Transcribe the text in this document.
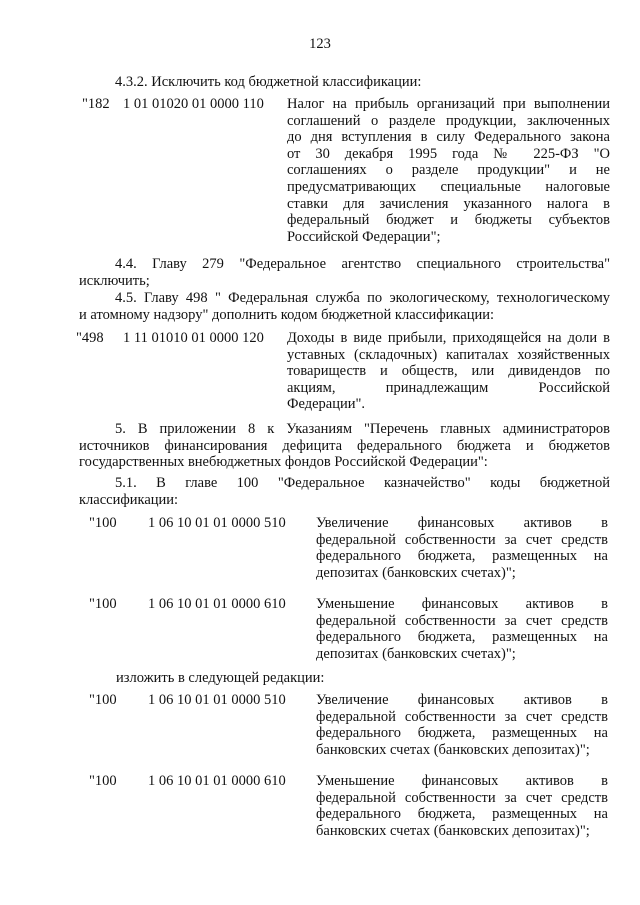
123
4.3.2. Исключить код бюджетной классификации:
"182 1 01 01020 01 0000 110 Налог на прибыль организаций при выполнении
соглашений о разделе продукции, заключенных
до дня вступления в силу Федерального закона
от 30 декабря 1995 года № 225-ФЗ "О
соглашениях о разделе продукции" и не
предусматривающих специальные налоговые
ставки для зачисления указанного налога в
федеральный бюджет и бюджеты субъектов
Российской Федерации";
4.4. Главу 279 "Федеральное агентство специального строительства"
исключить;
4.5. Главу 498 " Федеральная служба по экологическому, технологическому
и атомному надзору" дополнить кодом бюджетной классификации:
"498 1 11 01010 01 0000 120 Доходы в виде прибыли, приходящейся на доли в
уставных (складочных) капиталах хозяйственных
товариществ и обществ, или дивидендов по
акциям, принадлежащим Российской
Федерации".
5. В приложении 8 к Указаниям "Перечень главных администраторов
источников финансирования дефицита федерального бюджета и бюджетов
государственных внебюджетных фондов Российской Федерации":
5.1. В главе 100 "Федеральное казначейство" коды бюджетной
классификации:
"100 1 06 10 01 01 0000 510 Увеличение финансовых активов в
федеральной собственности за счет средств
федерального бюджета, размещенных на
депозитах (банковских счетах)";
"100 1 06 10 01 01 0000 610 Уменьшение финансовых активов в
федеральной собственности за счет средств
федерального бюджета, размещенных на
депозитах (банковских счетах)";
изложить в следующей редакции:
"100 1 06 10 01 01 0000 510 Увеличение финансовых активов в
федеральной собственности за счет средств
федерального бюджета, размещенных на
банковских счетах (банковских депозитах)";
"100 1 06 10 01 01 0000 610 Уменьшение финансовых активов в
федеральной собственности за счет средств
федерального бюджета, размещенных на
банковских счетах (банковских депозитах)";
